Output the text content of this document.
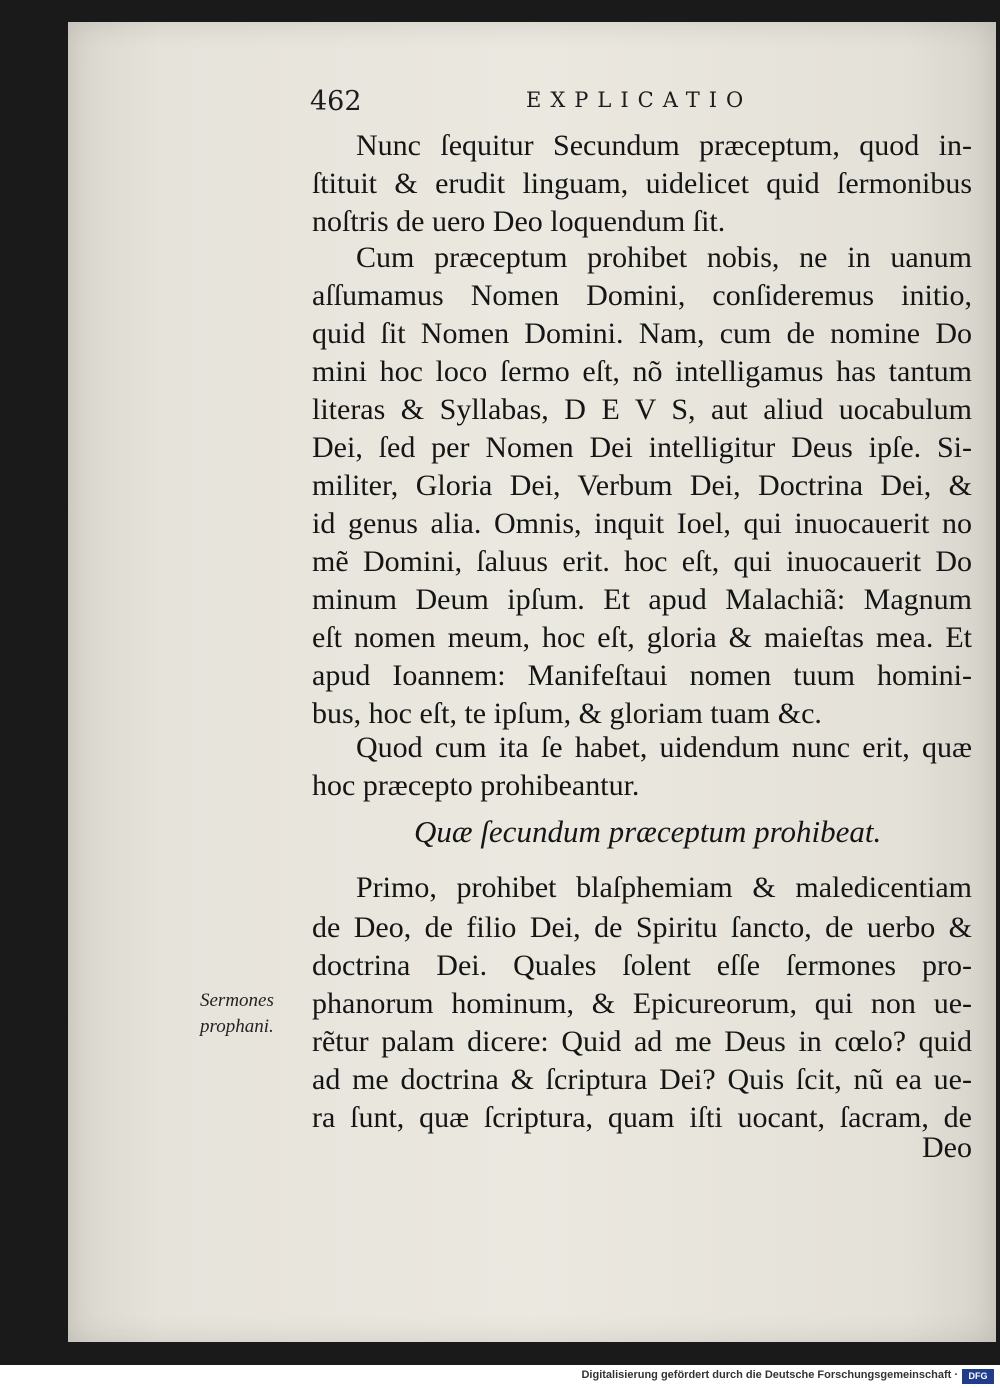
462	EXPLICATIO
Nunc ſequitur Secundum præceptum, quod in-
ſtituit & erudit linguam, uidelicet quid ſermonibus
noſtris de uero Deo loquendum ſit.
Cum præceptum prohibet nobis, ne in uanum
aſſumamus Nomen Domini, conſideremus initio,
quid ſit Nomen Domini. Nam, cum de nomine Do
mini hoc loco ſermo eſt, nõ intelligamus has tantum
literas & Syllabas, D E V S, aut aliud uocabulum
Dei, ſed per Nomen Dei intelligitur Deus ipſe. Si-
militer, Gloria Dei, Verbum Dei, Doctrina Dei, &
id genus alia. Omnis, inquit Ioel, qui inuocauerit no
mẽ Domini, ſaluus erit. hoc eſt, qui inuocauerit Do
minum Deum ipſum. Et apud Malachiã: Magnum
eſt nomen meum, hoc eſt, gloria & maieſtas mea. Et
apud Ioannem: Manifeſtaui nomen tuum homini-
bus, hoc eſt, te ipſum, & gloriam tuam &c.
Quod cum ita ſe habet, uidendum nunc erit, quæ
hoc præcepto prohibeantur.
Quæ ſecundum præceptum prohibeat.
Primo, prohibet blaſphemiam & maledicentiam
de Deo, de filio Dei, de Spiritu ſancto, de uerbo &
doctrina Dei. Quales ſolent eſſe ſermones pro-
phanorum hominum, & Epicureorum, qui non ue-
rẽtur palam dicere: Quid ad me Deus in cœlo? quid
ad me doctrina & ſcriptura Dei? Quis ſcit, nũ ea ue-
ra ſunt, quæ ſcriptura, quam iſti uocant, ſacram, de
Deo
Sermones
prophani.
Digitalisierung gefördert durch die Deutsche Forschungsgemeinschaft ·	DFG
